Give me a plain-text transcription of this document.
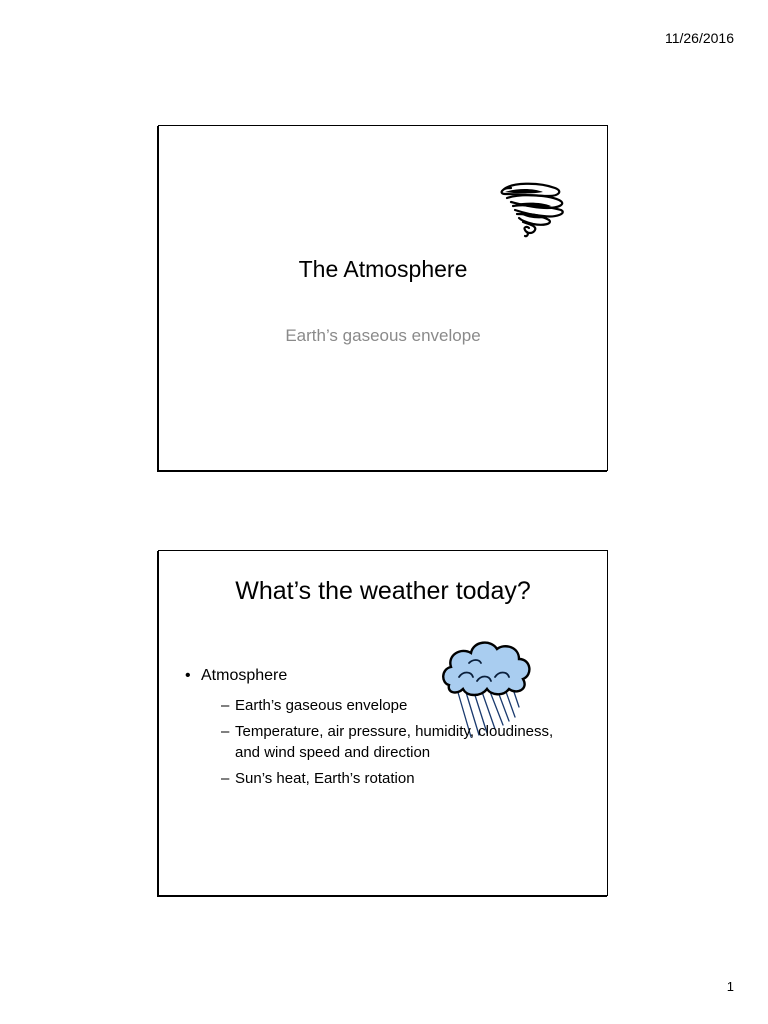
11/26/2016
The Atmosphere
Earth’s gaseous envelope
What’s the weather today?
• Atmosphere
– Earth’s gaseous envelope
– Temperature, air pressure, humidity, cloudiness, and wind speed and direction
– Sun’s heat, Earth’s rotation
1
